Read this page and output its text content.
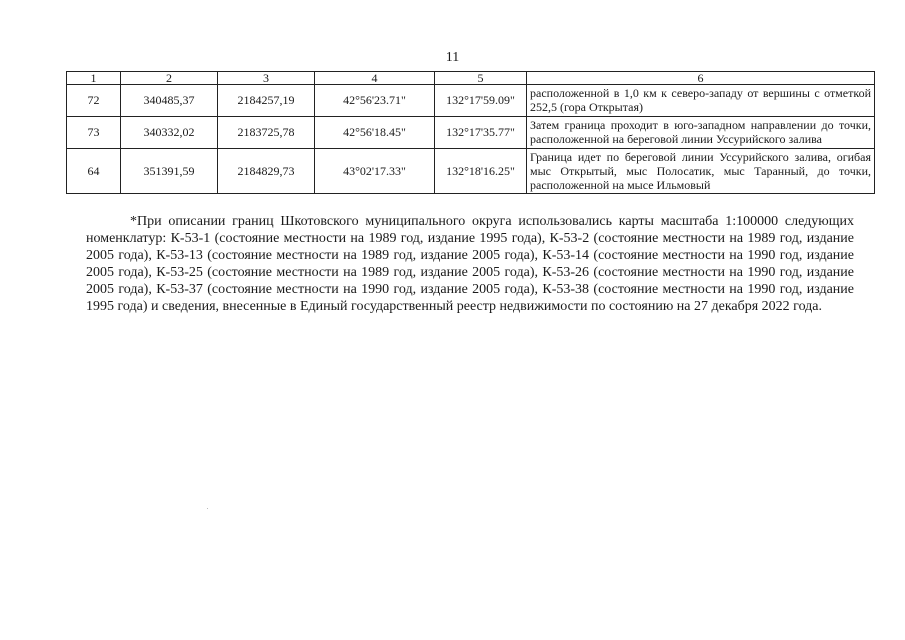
11
1	2	3	4	5	6
72	340485,37	2184257,19	42°56'23.71"	132°17'59.09"	расположенной в 1,0 км к северо-западу от вершины с отметкой 252,5 (гора Открытая)
73	340332,02	2183725,78	42°56'18.45"	132°17'35.77"	Затем граница проходит в юго-западном направлении до точки, расположенной на береговой линии Уссурийского залива
64	351391,59	2184829,73	43°02'17.33"	132°18'16.25"	Граница идет по береговой линии Уссурийского залива, огибая мыс Открытый, мыс Полосатик, мыс Таранный, до точки, расположенной на мысе Ильмовый

*При описании границ Шкотовского муниципального округа использовались карты масштаба 1:100000 следующих номенклатур: К-53-1 (состояние местности на 1989 год, издание 1995 года), К-53-2 (состояние местности на 1989 год, издание 2005 года), К-53-13 (состояние местности на 1989 год, издание 2005 года), К-53-14 (состояние местности на 1990 год, издание 2005 года), К-53-25 (состояние местности на 1989 год, издание 2005 года), К-53-26 (состояние местности на 1990 год, издание 2005 года), К-53-37 (состояние местности на 1990 год, издание 2005 года), К-53-38 (состояние местности на 1990 год, издание 1995 года) и сведения, внесенные в Единый государственный реестр недвижимости по состоянию на 27 декабря 2022 года.
